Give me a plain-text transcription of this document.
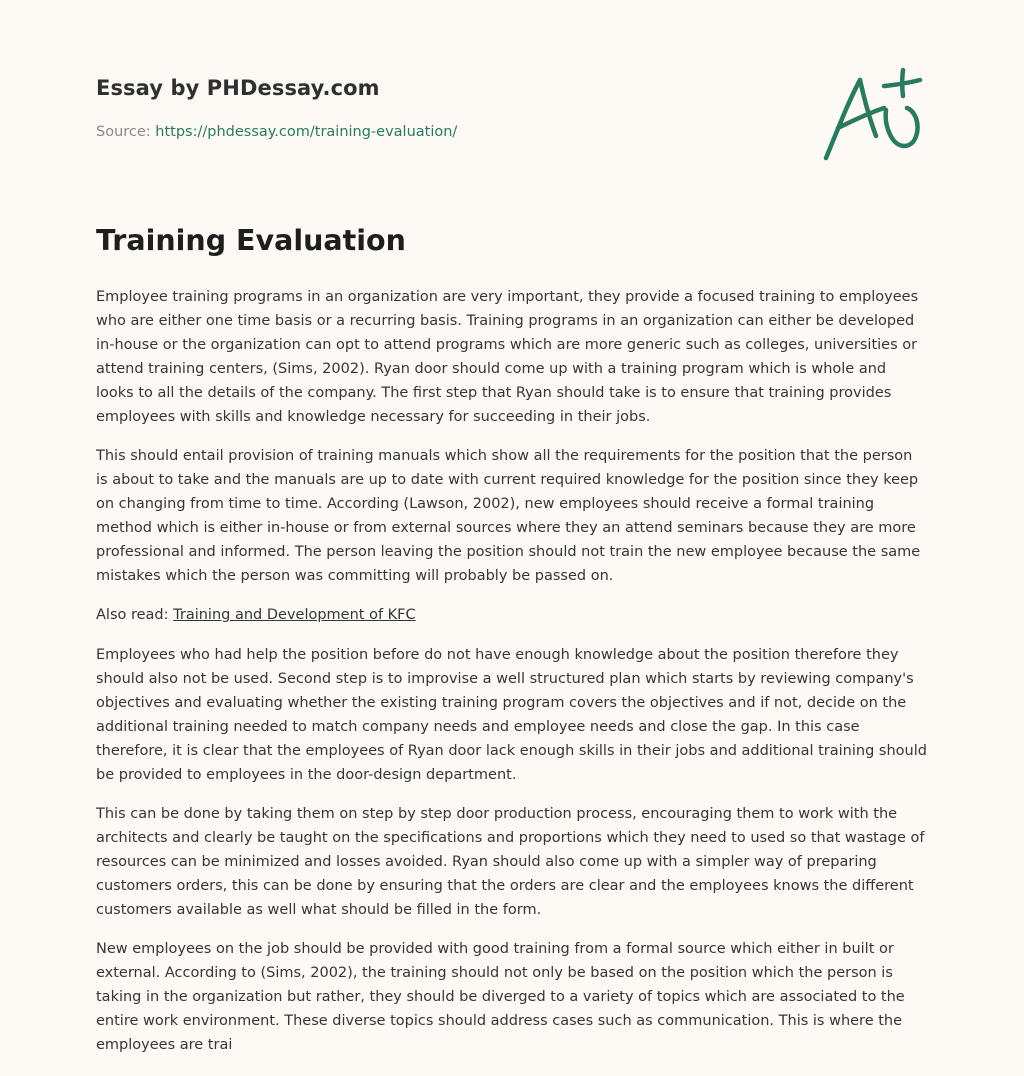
Essay by PHDessay.com
Source: https://phdessay.com/training-evaluation/
Training Evaluation

Employee training programs in an organization are very important, they provide a focused training to employees who are either one time basis or a recurring basis. Training programs in an organization can either be developed in-house or the organization can opt to attend programs which are more generic such as colleges, universities or attend training centers, (Sims, 2002). Ryan door should come up with a training program which is whole and looks to all the details of the company. The first step that Ryan should take is to ensure that training provides employees with skills and knowledge necessary for succeeding in their jobs.

This should entail provision of training manuals which show all the requirements for the position that the person is about to take and the manuals are up to date with current required knowledge for the position since they keep on changing from time to time. According (Lawson, 2002), new employees should receive a formal training method which is either in-house or from external sources where they an attend seminars because they are more professional and informed. The person leaving the position should not train the new employee because the same mistakes which the person was committing will probably be passed on.

Also read: Training and Development of KFC

Employees who had help the position before do not have enough knowledge about the position therefore they should also not be used. Second step is to improvise a well structured plan which starts by reviewing company's objectives and evaluating whether the existing training program covers the objectives and if not, decide on the additional training needed to match company needs and employee needs and close the gap. In this case therefore, it is clear that the employees of Ryan door lack enough skills in their jobs and additional training should be provided to employees in the door-design department.

This can be done by taking them on step by step door production process, encouraging them to work with the architects and clearly be taught on the specifications and proportions which they need to used so that wastage of resources can be minimized and losses avoided. Ryan should also come up with a simpler way of preparing customers orders, this can be done by ensuring that the orders are clear and the employees knows the different customers available as well what should be filled in the form.

New employees on the job should be provided with good training from a formal source which either in built or external. According to (Sims, 2002), the training should not only be based on the position which the person is taking in the organization but rather, they should be diverged to a variety of topics which are associated to the entire work environment. These diverse topics should address cases such as communication. This is where the employees are trai
